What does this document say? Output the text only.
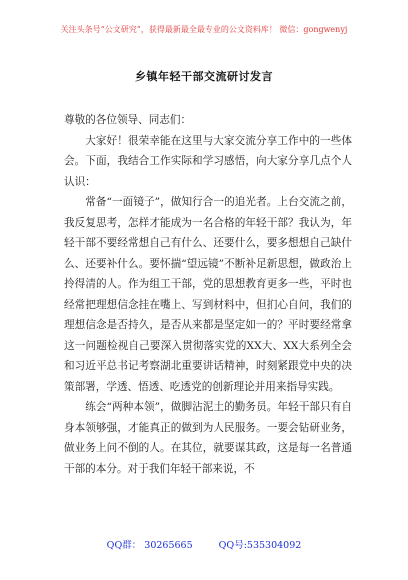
关注头条号“公文研究”，获得最新最全最专业的公文资料库！ 微信：gongwenyj
乡镇年轻干部交流研讨发言

尊敬的各位领导、同志们：

大家好！很荣幸能在这里与大家交流分享工作中的一些体会。下面，我结合工作实际和学习感悟，向大家分享几点个人认识：

常备“一面镜子”，做知行合一的追光者。上台交流之前，我反复思考，怎样才能成为一名合格的年轻干部？我认为，年轻干部不要经常想自己有什么、还要什么，要多想想自己缺什么、还要补什么。要怀揣“望远镜”不断补足新思想，做政治上拎得清的人。作为组工干部，党的思想教育更多一些，平时也经常把理想信念挂在嘴上、写到材料中，但扪心自问，我们的理想信念是否持久，是否从来都是坚定如一的？平时要经常拿这一问题检视自己要深入贯彻落实党的XX大、XX大系列全会和习近平总书记考察湖北重要讲话精神，时刻紧跟党中央的决策部署，学透、悟透、吃透党的创新理论并用来指导实践。

练会“两种本领”，做脚沾泥土的勤务员。年轻干部只有自身本领够强，才能真正的做到为人民服务。一要会钻研业务，做业务上问不倒的人。在其位，就要谋其政，这是每一名普通干部的本分。对于我们年轻干部来说，不

QQ群： 30265665	QQ号:535304092
